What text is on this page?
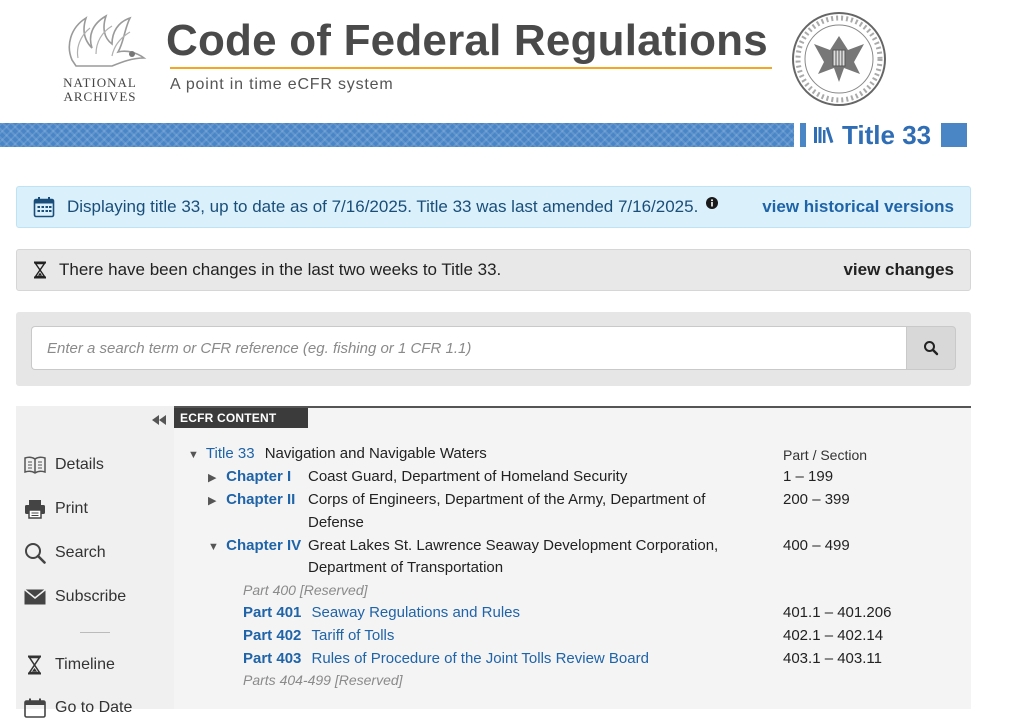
NATIONAL
ARCHIVES
Code of Federal Regulations
A point in time eCFR system
Title 33
Displaying title 33, up to date as of 7/16/2025. Title 33 was last amended 7/16/2025.	view historical versions
There have been changes in the last two weeks to Title 33.	view changes
Enter a search term or CFR reference (eg. fishing or 1 CFR 1.1)
Details
Print
Search
Subscribe
Timeline
Go to Date
ECFR CONTENT
Part / Section
▼ Title 33 Navigation and Navigable Waters
▶ Chapter I Coast Guard, Department of Homeland Security	1 – 199
▶ Chapter II Corps of Engineers, Department of the Army, Department of
Defense
200 – 399
▼ Chapter IV Great Lakes St. Lawrence Seaway Development Corporation,
Department of Transportation
400 – 499
Part 400 [Reserved]
Part 401 Seaway Regulations and Rules	401.1 – 401.206
Part 402 Tariff of Tolls	402.1 – 402.14
Part 403 Rules of Procedure of the Joint Tolls Review Board	403.1 – 403.11
Parts 404-499 [Reserved]
